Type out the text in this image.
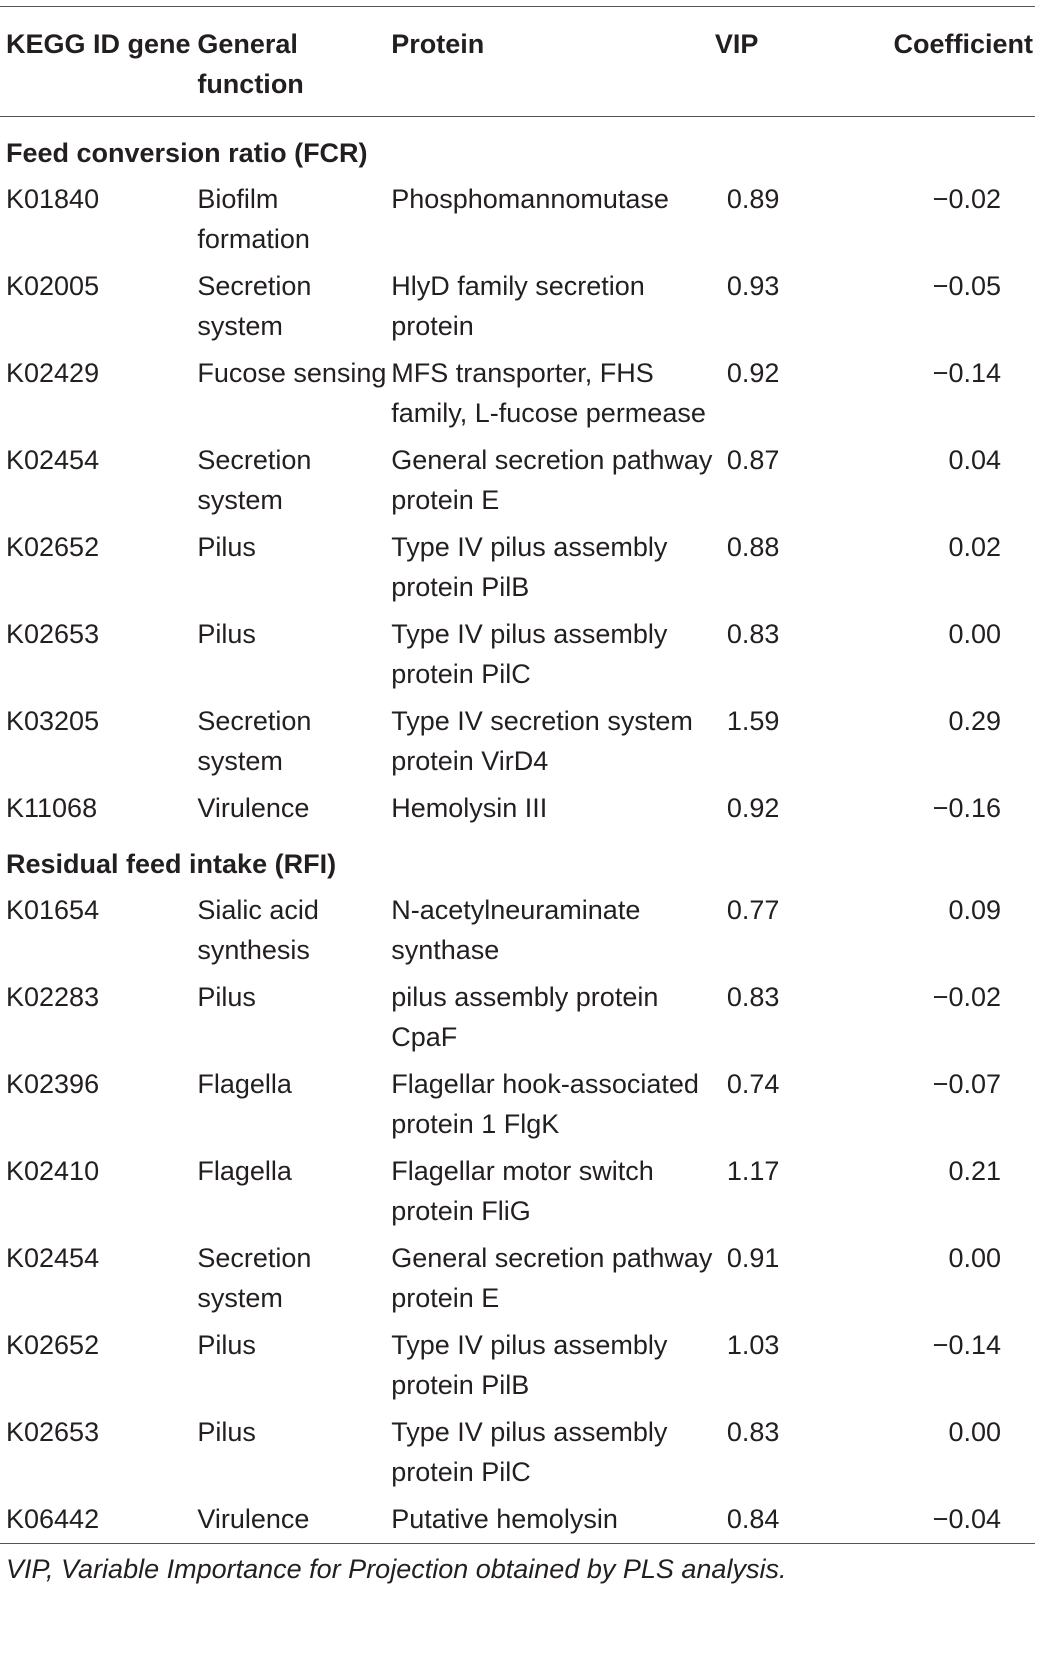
KEGG ID gene	General function	Protein	VIP	Coefficient
Feed conversion ratio (FCR)				
K01840	Biofilm formation	Phosphomannomutase	0.89	−0.02
K02005	Secretion system	HlyD family secretion protein	0.93	−0.05
K02429	Fucose sensing	MFS transporter, FHS family, L-fucose permease	0.92	−0.14
K02454	Secretion system	General secretion pathway protein E	0.87	0.04
K02652	Pilus	Type IV pilus assembly protein PilB	0.88	0.02
K02653	Pilus	Type IV pilus assembly protein PilC	0.83	0.00
K03205	Secretion system	Type IV secretion system protein VirD4	1.59	0.29
K11068	Virulence	Hemolysin III	0.92	−0.16
Residual feed intake (RFI)				
K01654	Sialic acid synthesis	N-acetylneuraminate synthase	0.77	0.09
K02283	Pilus	pilus assembly protein CpaF	0.83	−0.02
K02396	Flagella	Flagellar hook-associated protein 1 FlgK	0.74	−0.07
K02410	Flagella	Flagellar motor switch protein FliG	1.17	0.21
K02454	Secretion system	General secretion pathway protein E	0.91	0.00
K02652	Pilus	Type IV pilus assembly protein PilB	1.03	−0.14
K02653	Pilus	Type IV pilus assembly protein PilC	0.83	0.00
K06442	Virulence	Putative hemolysin	0.84	−0.04
VIP, Variable Importance for Projection obtained by PLS analysis.				
